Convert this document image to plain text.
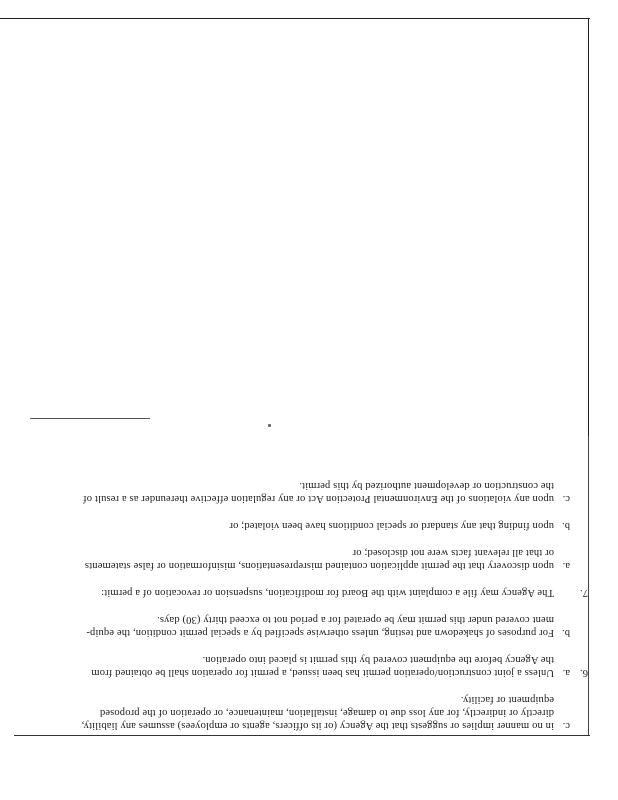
c.

in no manner implies or suggests that the Agency (or its officers, agents or employees) assumes any liability,

directly or indirectly, for any loss due to damage, installation, maintenance, or operation of the proposed

equipment or facility.

6.
a.

Unless a joint construction/operation permit has been issued, a permit for operation shall be obtained from

the Agency before the equipment covered by this permit is placed into operation.

b.

For purposes of shakedown and testing, unless otherwise specified by a special permit condition, the equip-

ment covered under this permit may be operated for a period not to exceed thirty (30) days.

7.

The Agency may file a complaint with the Board for modification, suspension or revocation of a permit:

a.

upon discovery that the permit application contained misrepresentations, misinformation or false statements

or that all relevant facts were not disclosed; or

b.

upon finding that any standard or special conditions have been violated; or

c.

upon any violations of the Environmental Protection Act or any regulation effective thereunder as a result of

the construction or development authorized by this permit.
